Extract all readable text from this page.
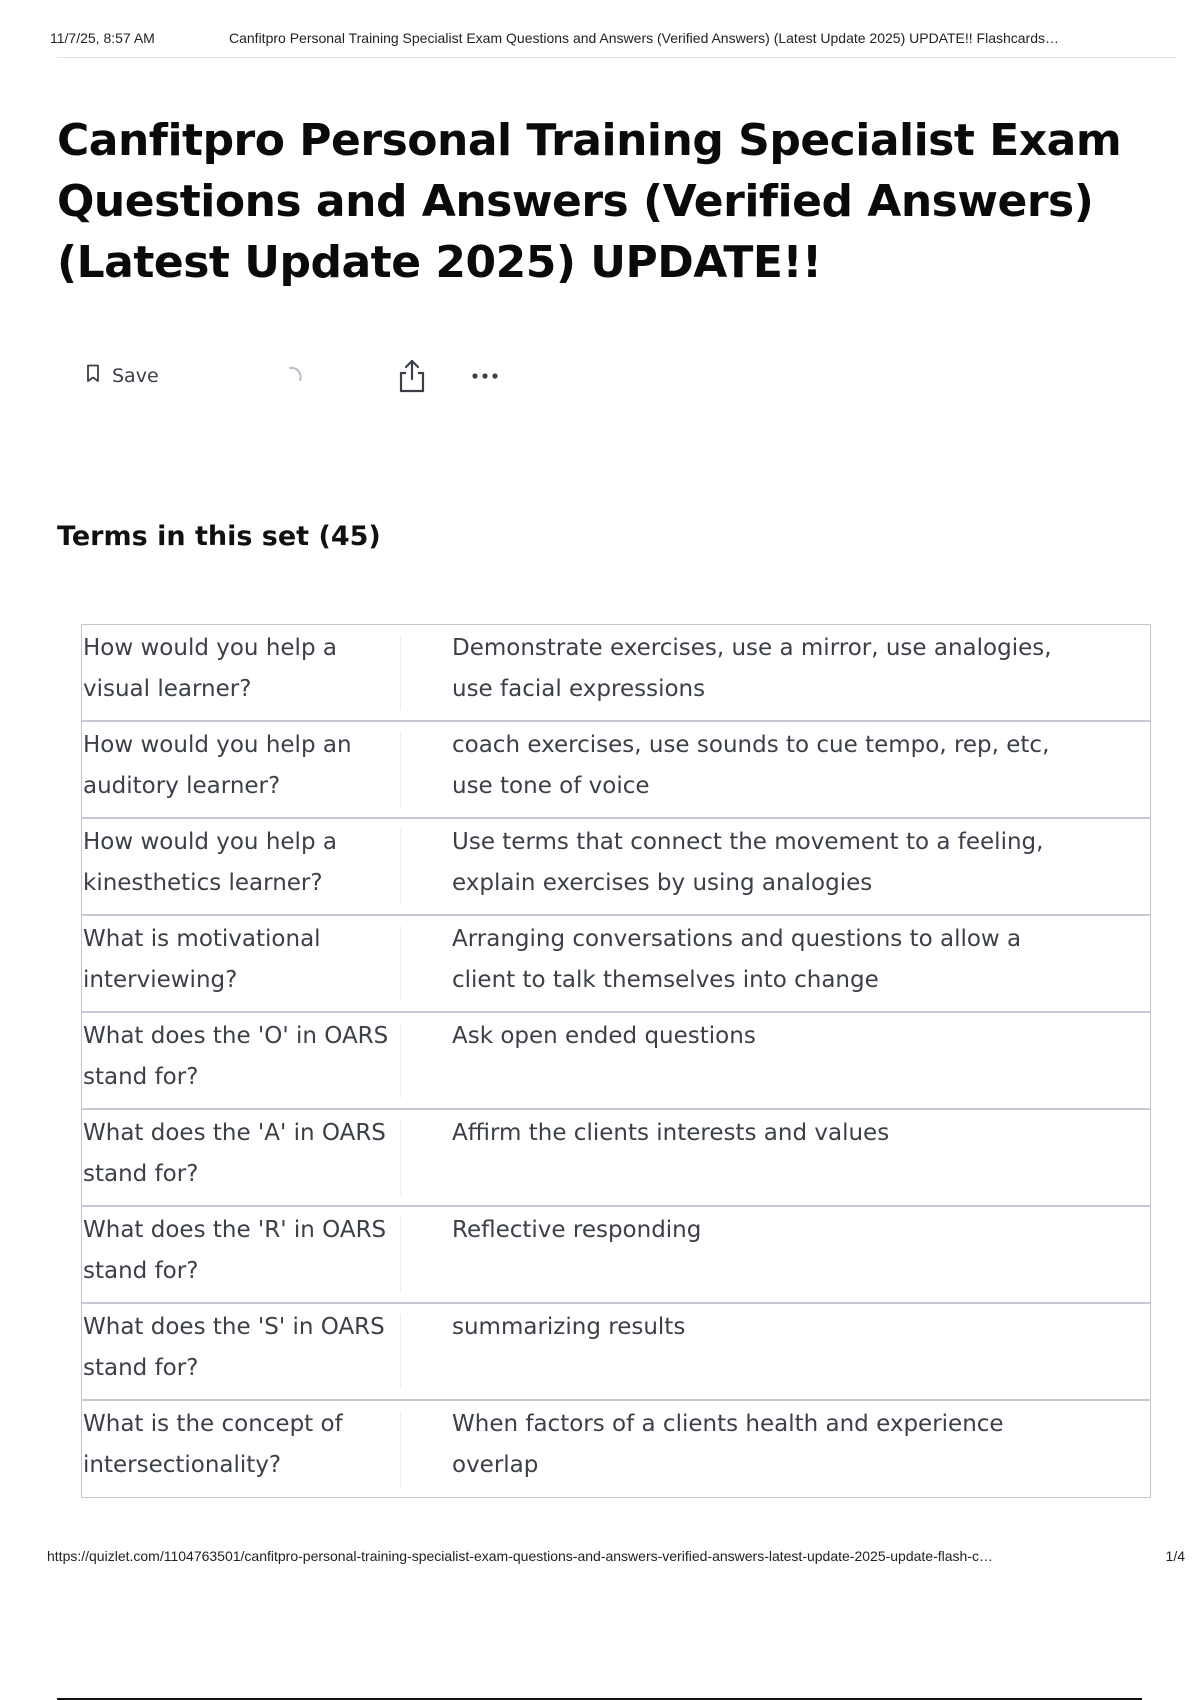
11/7/25, 8:57 AM	Canfitpro Personal Training Specialist Exam Questions and Answers (Verified Answers) (Latest Update 2025) UPDATE!! Flashcards…
Canfitpro Personal Training Specialist Exam Questions and Answers (Verified Answers) (Latest Update 2025) UPDATE!!
Save
Terms in this set (45)
How would you help a
visual learner?
Demonstrate exercises, use a mirror, use analogies,
use facial expressions
How would you help an
auditory learner?
coach exercises, use sounds to cue tempo, rep, etc,
use tone of voice
How would you help a
kinesthetics learner?
Use terms that connect the movement to a feeling,
explain exercises by using analogies
What is motivational
interviewing?
Arranging conversations and questions to allow a
client to talk themselves into change
What does the 'O' in OARS
stand for?
Ask open ended questions
What does the 'A' in OARS
stand for?
Affirm the clients interests and values
What does the 'R' in OARS
stand for?
Reflective responding
What does the 'S' in OARS
stand for?
summarizing results
What is the concept of
intersectionality?
When factors of a clients health and experience
overlap
https://quizlet.com/1104763501/canfitpro-personal-training-specialist-exam-questions-and-answers-verified-answers-latest-update-2025-update-flash-c…	1/4
